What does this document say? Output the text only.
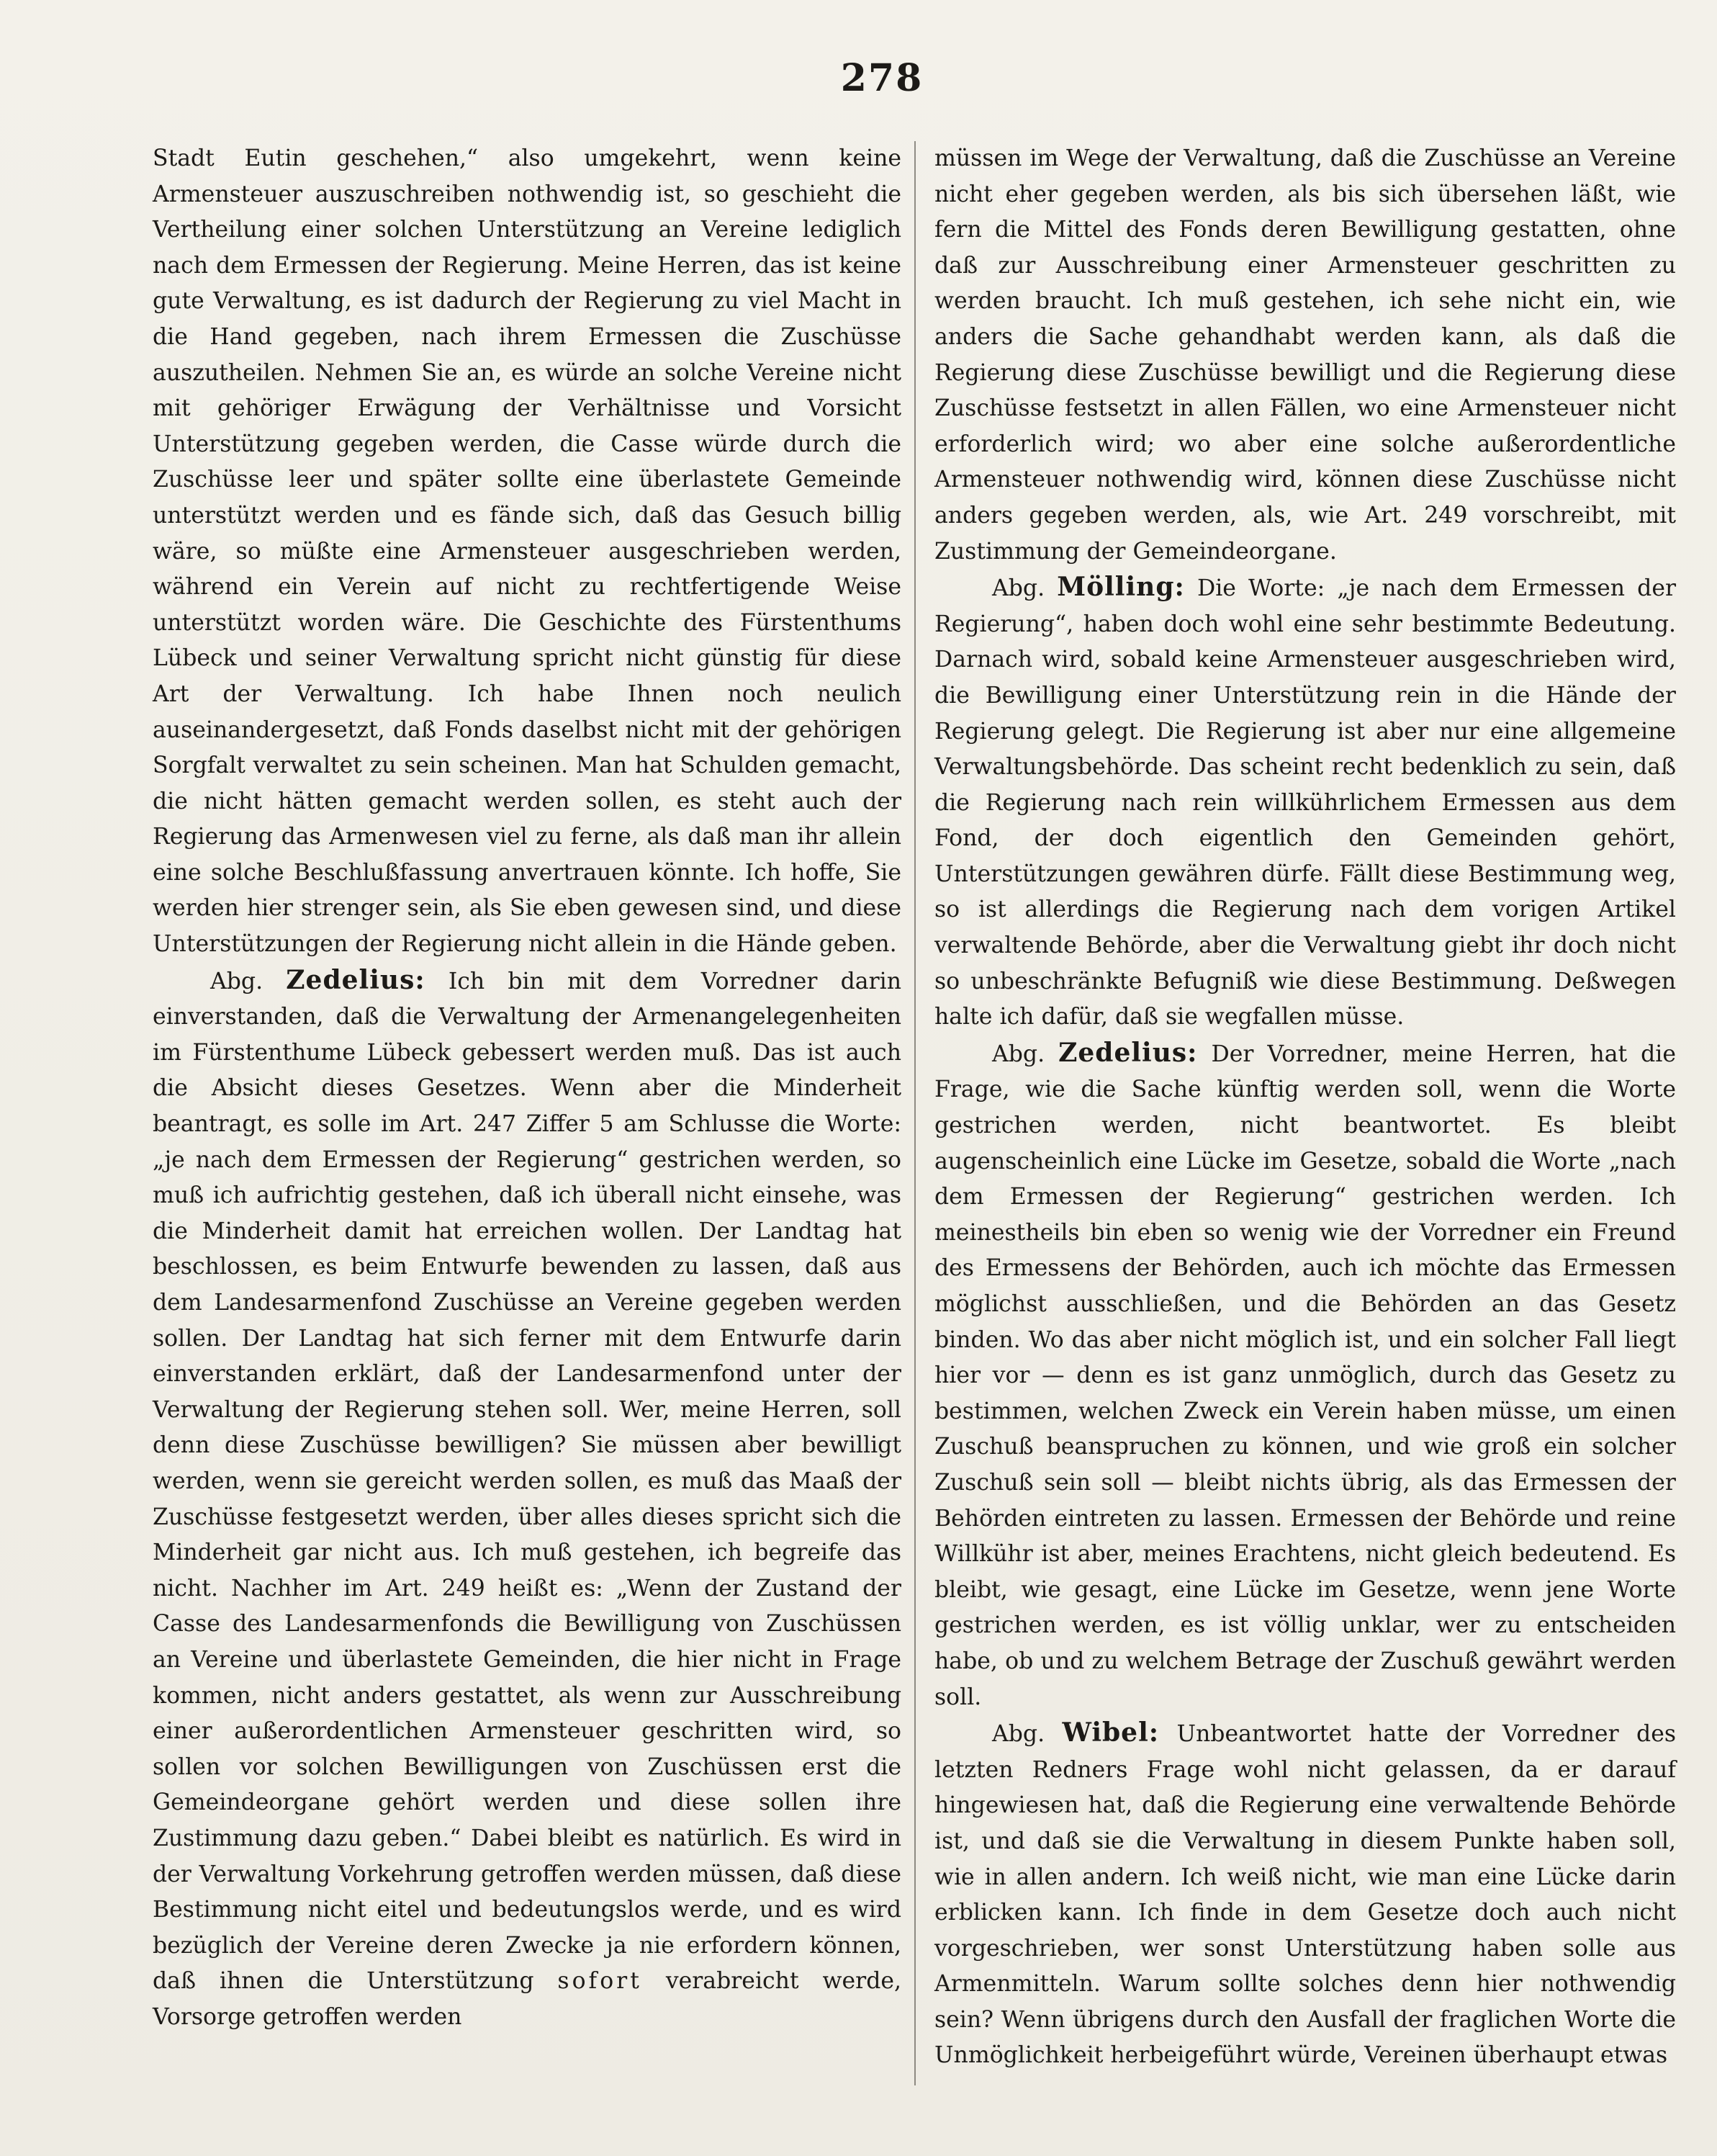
278

Stadt Eutin geschehen,“ also umgekehrt, wenn keine Armensteuer auszuschreiben nothwendig ist, so geschieht die Vertheilung einer solchen Unterstützung an Vereine lediglich nach dem Ermessen der Regierung. Meine Herren, das ist keine gute Verwaltung, es ist dadurch der Regierung zu viel Macht in die Hand gegeben, nach ihrem Ermessen die Zuschüsse auszutheilen. Nehmen Sie an, es würde an solche Vereine nicht mit gehöriger Erwägung der Verhältnisse und Vorsicht Unterstützung gegeben werden, die Casse würde durch die Zuschüsse leer und später sollte eine überlastete Gemeinde unterstützt werden und es fände sich, daß das Gesuch billig wäre, so müßte eine Armensteuer ausgeschrieben werden, während ein Verein auf nicht zu rechtfertigende Weise unterstützt worden wäre. Die Geschichte des Fürstenthums Lübeck und seiner Verwaltung spricht nicht günstig für diese Art der Verwaltung. Ich habe Ihnen noch neulich auseinandergesetzt, daß Fonds daselbst nicht mit der gehörigen Sorgfalt verwaltet zu sein scheinen. Man hat Schulden gemacht, die nicht hätten gemacht werden sollen, es steht auch der Regierung das Armenwesen viel zu ferne, als daß man ihr allein eine solche Beschlußfassung anvertrauen könnte. Ich hoffe, Sie werden hier strenger sein, als Sie eben gewesen sind, und diese Unterstützungen der Regierung nicht allein in die Hände geben.

Abg. Zedelius: Ich bin mit dem Vorredner darin einverstanden, daß die Verwaltung der Armenangelegenheiten im Fürstenthume Lübeck gebessert werden muß. Das ist auch die Absicht dieses Gesetzes. Wenn aber die Minderheit beantragt, es solle im Art. 247 Ziffer 5 am Schlusse die Worte: „je nach dem Ermessen der Regierung“ gestrichen werden, so muß ich aufrichtig gestehen, daß ich überall nicht einsehe, was die Minderheit damit hat erreichen wollen. Der Landtag hat beschlossen, es beim Entwurfe bewenden zu lassen, daß aus dem Landesarmenfond Zuschüsse an Vereine gegeben werden sollen. Der Landtag hat sich ferner mit dem Entwurfe darin einverstanden erklärt, daß der Landesarmenfond unter der Verwaltung der Regierung stehen soll. Wer, meine Herren, soll denn diese Zuschüsse bewilligen? Sie müssen aber bewilligt werden, wenn sie gereicht werden sollen, es muß das Maaß der Zuschüsse festgesetzt werden, über alles dieses spricht sich die Minderheit gar nicht aus. Ich muß gestehen, ich begreife das nicht. Nachher im Art. 249 heißt es: „Wenn der Zustand der Casse des Landesarmenfonds die Bewilligung von Zuschüssen an Vereine und überlastete Gemeinden, die hier nicht in Frage kommen, nicht anders gestattet, als wenn zur Ausschreibung einer außerordentlichen Armensteuer geschritten wird, so sollen vor solchen Bewilligungen von Zuschüssen erst die Gemeindeorgane gehört werden und diese sollen ihre Zustimmung dazu geben.“ Dabei bleibt es natürlich. Es wird in der Verwaltung Vorkehrung getroffen werden müssen, daß diese Bestimmung nicht eitel und bedeutungslos werde, und es wird bezüglich der Vereine deren Zwecke ja nie erfordern können, daß ihnen die Unterstützung sofort verabreicht werde, Vorsorge getroffen werden

müssen im Wege der Verwaltung, daß die Zuschüsse an Vereine nicht eher gegeben werden, als bis sich übersehen läßt, wie fern die Mittel des Fonds deren Bewilligung gestatten, ohne daß zur Ausschreibung einer Armensteuer geschritten zu werden braucht. Ich muß gestehen, ich sehe nicht ein, wie anders die Sache gehandhabt werden kann, als daß die Regierung diese Zuschüsse bewilligt und die Regierung diese Zuschüsse festsetzt in allen Fällen, wo eine Armensteuer nicht erforderlich wird; wo aber eine solche außerordentliche Armensteuer nothwendig wird, können diese Zuschüsse nicht anders gegeben werden, als, wie Art. 249 vorschreibt, mit Zustimmung der Gemeindeorgane.

Abg. Mölling: Die Worte: „je nach dem Ermessen der Regierung“, haben doch wohl eine sehr bestimmte Bedeutung. Darnach wird, sobald keine Armensteuer ausgeschrieben wird, die Bewilligung einer Unterstützung rein in die Hände der Regierung gelegt. Die Regierung ist aber nur eine allgemeine Verwaltungsbehörde. Das scheint recht bedenklich zu sein, daß die Regierung nach rein willkührlichem Ermessen aus dem Fond, der doch eigentlich den Gemeinden gehört, Unterstützungen gewähren dürfe. Fällt diese Bestimmung weg, so ist allerdings die Regierung nach dem vorigen Artikel verwaltende Behörde, aber die Verwaltung giebt ihr doch nicht so unbeschränkte Befugniß wie diese Bestimmung. Deßwegen halte ich dafür, daß sie wegfallen müsse.

Abg. Zedelius: Der Vorredner, meine Herren, hat die Frage, wie die Sache künftig werden soll, wenn die Worte gestrichen werden, nicht beantwortet. Es bleibt augenscheinlich eine Lücke im Gesetze, sobald die Worte „nach dem Ermessen der Regierung“ gestrichen werden. Ich meinestheils bin eben so wenig wie der Vorredner ein Freund des Ermessens der Behörden, auch ich möchte das Ermessen möglichst ausschließen, und die Behörden an das Gesetz binden. Wo das aber nicht möglich ist, und ein solcher Fall liegt hier vor — denn es ist ganz unmöglich, durch das Gesetz zu bestimmen, welchen Zweck ein Verein haben müsse, um einen Zuschuß beanspruchen zu können, und wie groß ein solcher Zuschuß sein soll — bleibt nichts übrig, als das Ermessen der Behörden eintreten zu lassen. Ermessen der Behörde und reine Willkühr ist aber, meines Erachtens, nicht gleich bedeutend. Es bleibt, wie gesagt, eine Lücke im Gesetze, wenn jene Worte gestrichen werden, es ist völlig unklar, wer zu entscheiden habe, ob und zu welchem Betrage der Zuschuß gewährt werden soll.

Abg. Wibel: Unbeantwortet hatte der Vorredner des letzten Redners Frage wohl nicht gelassen, da er darauf hingewiesen hat, daß die Regierung eine verwaltende Behörde ist, und daß sie die Verwaltung in diesem Punkte haben soll, wie in allen andern. Ich weiß nicht, wie man eine Lücke darin erblicken kann. Ich finde in dem Gesetze doch auch nicht vorgeschrieben, wer sonst Unterstützung haben solle aus Armenmitteln. Warum sollte solches denn hier nothwendig sein? Wenn übrigens durch den Ausfall der fraglichen Worte die Unmöglichkeit herbeigeführt würde, Vereinen überhaupt etwas
